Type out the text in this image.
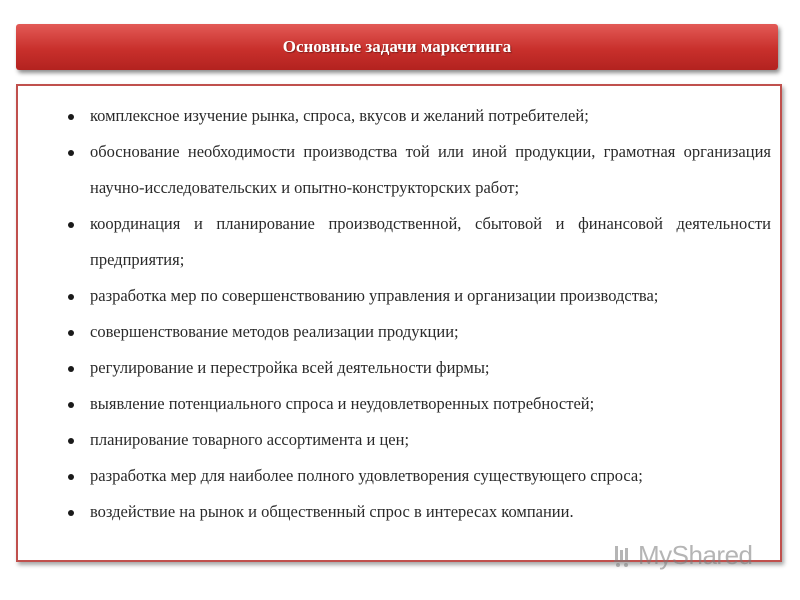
Основные задачи маркетинга
комплексное изучение рынка, спроса, вкусов и желаний потребителей;
обоснование необходимости производства той или иной продукции, грамотная организация научно-исследовательских и опытно-конструкторских работ;
координация и планирование производственной, сбытовой и финансовой деятельности предприятия;
разработка мер по совершенствованию управления и организации производства;
совершенствование методов реализации продукции;
регулирование и перестройка всей деятельности фирмы;
выявление потенциального спроса и неудовлетворенных потребностей;
планирование товарного ассортимента и цен;
разработка мер для наиболее полного удовлетворения существующего спроса;
воздействие на рынок и общественный спрос в интересах компании.
MyShared
